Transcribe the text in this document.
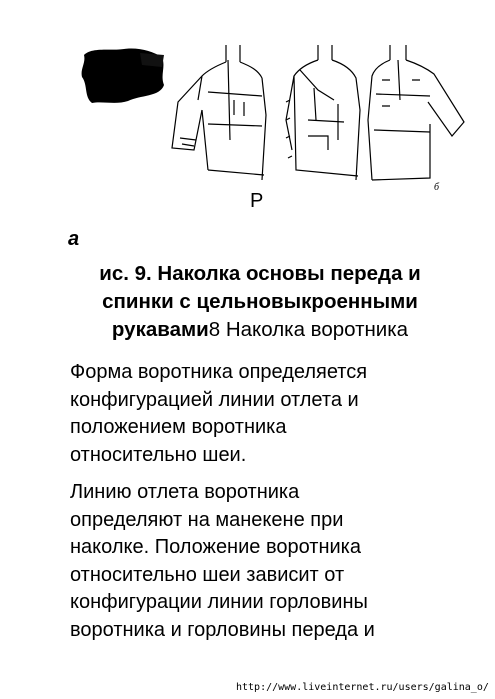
б
Р
а
ис. 9. Наколка основы переда и спинки с цельновыкроенными рукавами8 Наколка воротника
Форма воротника определяется
конфигурацией линии отлета и
положением воротника
относительно шеи.
Линию отлета воротника
определяют на манекене при
наколке. Положение воротника
относительно шеи зависит от
конфигурации линии горловины
воротника и горловины переда и
http://www.liveinternet.ru/users/galina_o/
